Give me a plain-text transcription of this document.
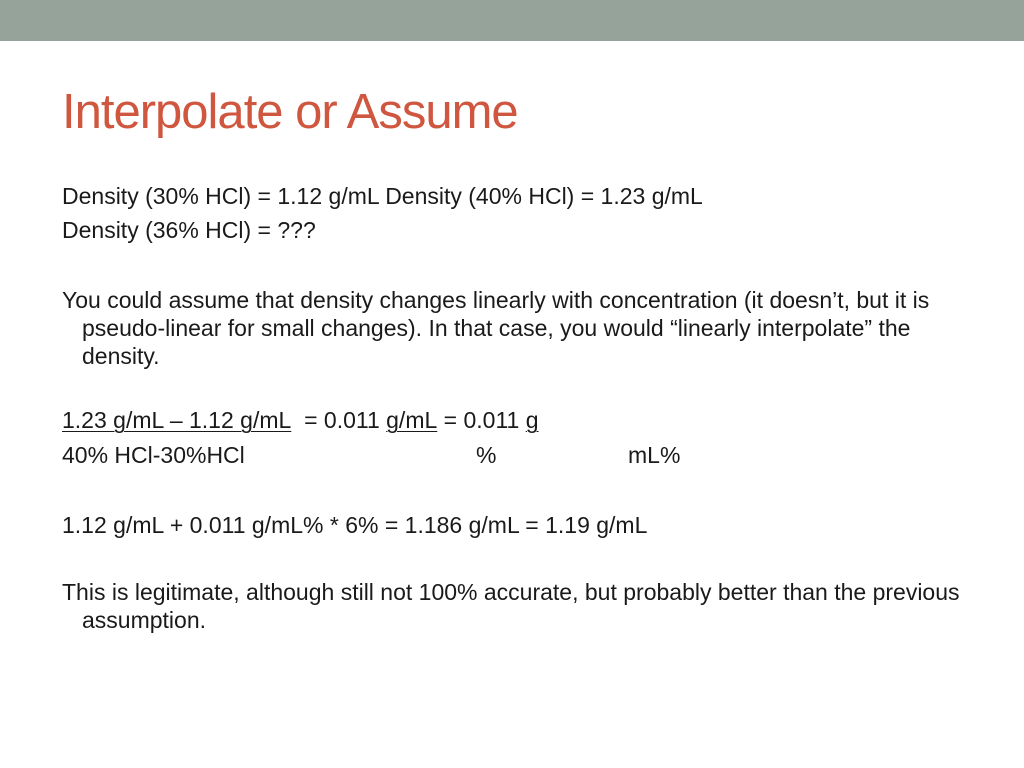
Interpolate or Assume

Density (30% HCl) = 1.12 g/mL Density (40% HCl) = 1.23 g/mL

Density (36% HCl) = ???

You could assume that density changes linearly with concentration (it doesn’t, but it is pseudo-linear for small changes). In that case, you would “linearly interpolate” the density.

1.23 g/mL – 1.12 g/mL  = 0.011 g/mL = 0.011 g
40% HCl-30%HCl	%	mL%

1.12 g/mL + 0.011 g/mL% * 6% = 1.186 g/mL = 1.19 g/mL

This is legitimate, although still not 100% accurate, but probably better than the previous assumption.
